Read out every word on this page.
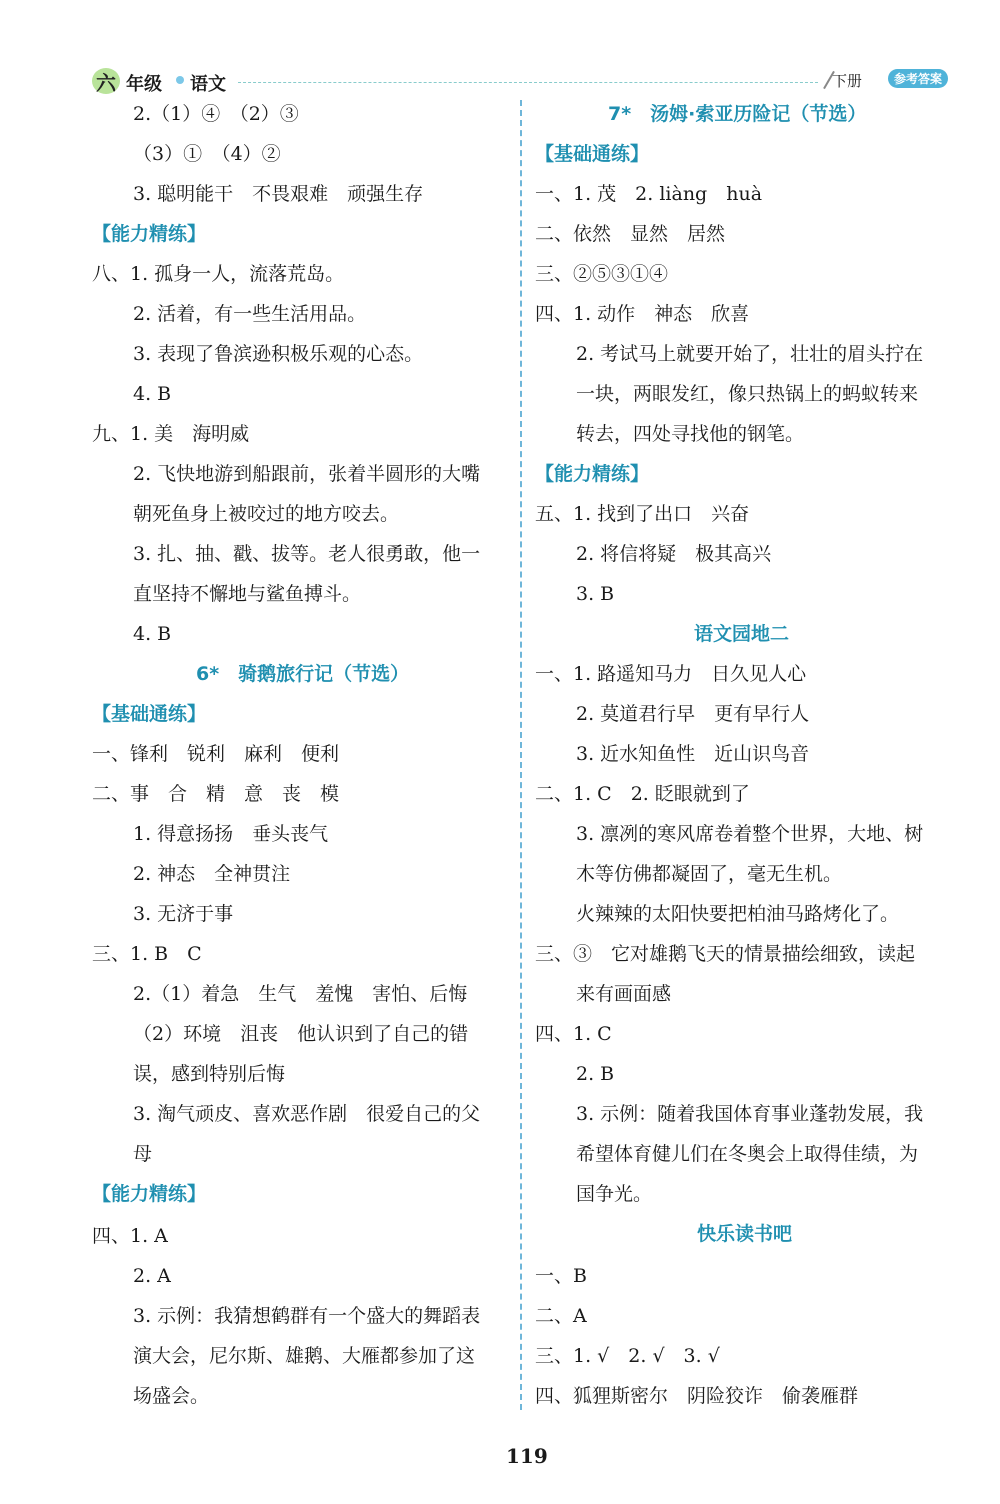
六 年级 语文	下册	参考答案
2.（1）④　（2）③
（3）①　（4）②
3. 聪明能干　不畏艰难　顽强生存
【能力精练】
八、1. 孤身一人，流落荒岛。
2. 活着，有一些生活用品。
3. 表现了鲁滨逊积极乐观的心态。
4. B
九、1. 美　海明威
2. 飞快地游到船跟前，张着半圆形的大嘴
朝死鱼身上被咬过的地方咬去。
3. 扎、抽、戳、拔等。老人很勇敢，他一
直坚持不懈地与鲨鱼搏斗。
4. B
6*　骑鹅旅行记（节选）
【基础通练】
一、锋利　锐利　麻利　便利
二、事　合　精　意　丧　模
1. 得意扬扬　垂头丧气
2. 神态　全神贯注
3. 无济于事
三、1. B　C
2.（1）着急　生气　羞愧　害怕、后悔
（2）环境　沮丧　他认识到了自己的错
误，感到特别后悔
3. 淘气顽皮、喜欢恶作剧　很爱自己的父
母
【能力精练】
四、1. A
2. A
3. 示例：我猜想鹤群有一个盛大的舞蹈表
演大会，尼尔斯、雄鹅、大雁都参加了这
场盛会。
7*　汤姆·索亚历险记（节选）
【基础通练】
一、1. 茂　2. liàng　huà
二、依然　显然　居然
三、②⑤③①④
四、1. 动作　神态　欣喜
2. 考试马上就要开始了，壮壮的眉头拧在
一块，两眼发红，像只热锅上的蚂蚁转来
转去，四处寻找他的钢笔。
【能力精练】
五、1. 找到了出口　兴奋
2. 将信将疑　极其高兴
3. B
语文园地二
一、1. 路遥知马力　日久见人心
2. 莫道君行早　更有早行人
3. 近水知鱼性　近山识鸟音
二、1. C　2. 眨眼就到了
3. 凛冽的寒风席卷着整个世界，大地、树
木等仿佛都凝固了，毫无生机。
火辣辣的太阳快要把柏油马路烤化了。
三、③　它对雄鹅飞天的情景描绘细致，读起
来有画面感
四、1. C
2. B
3. 示例：随着我国体育事业蓬勃发展，我
希望体育健儿们在冬奥会上取得佳绩，为
国争光。
快乐读书吧
一、B
二、A
三、1. √　2. √　3. √
四、狐狸斯密尔　阴险狡诈　偷袭雁群
119
